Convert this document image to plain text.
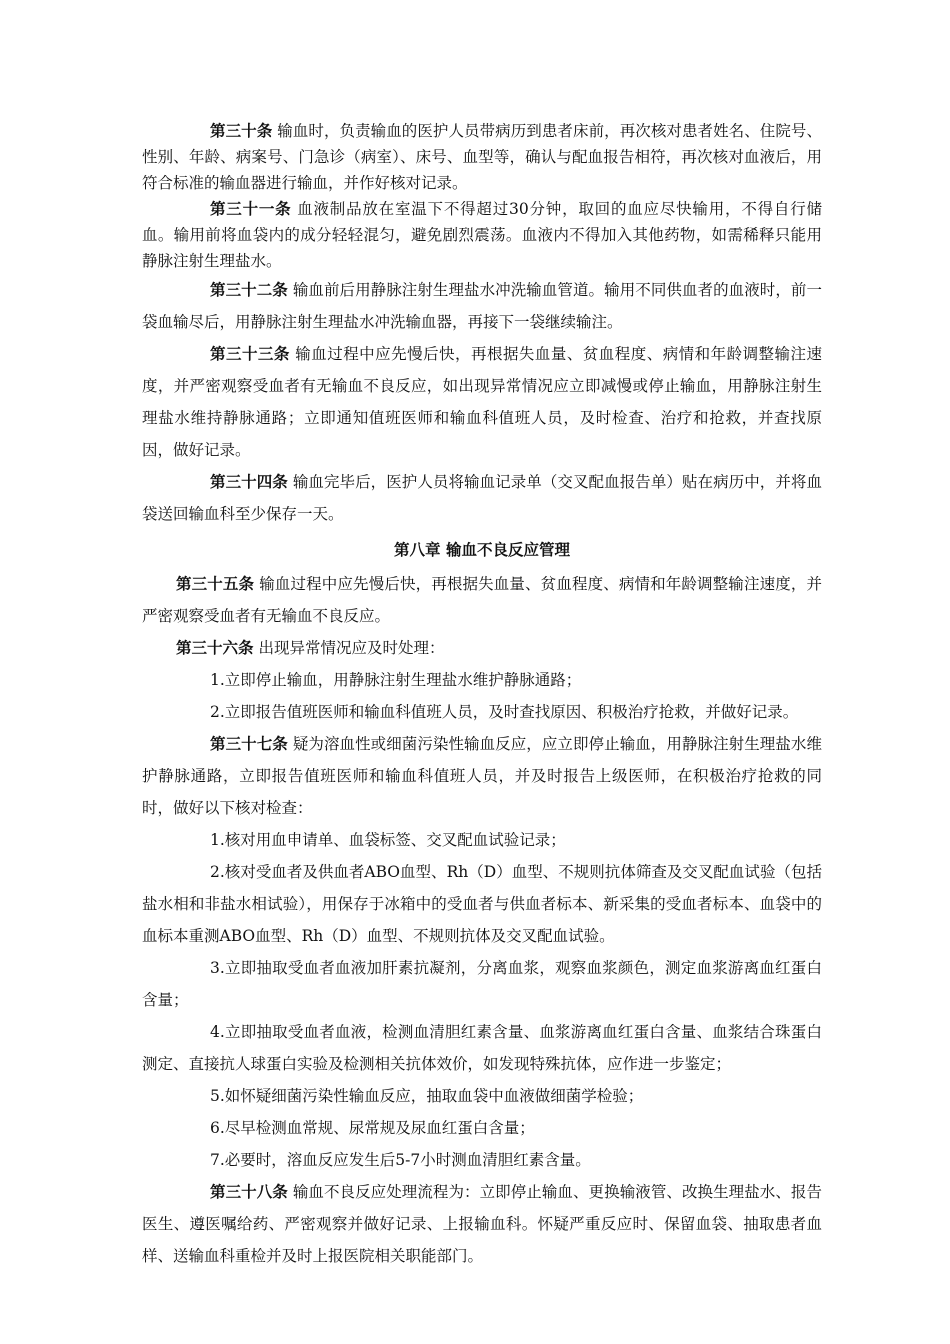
第三十条 输血时，负责输血的医护人员带病历到患者床前，再次核对患者姓名、住院号、性别、年龄、病案号、门急诊（病室）、床号、血型等，确认与配血报告相符，再次核对血液后，用符合标准的输血器进行输血，并作好核对记录。

第三十一条 血液制品放在室温下不得超过30分钟，取回的血应尽快输用，不得自行储血。输用前将血袋内的成分轻轻混匀，避免剧烈震荡。血液内不得加入其他药物，如需稀释只能用静脉注射生理盐水。

第三十二条 输血前后用静脉注射生理盐水冲洗输血管道。输用不同供血者的血液时，前一袋血输尽后，用静脉注射生理盐水冲洗输血器，再接下一袋继续输注。

第三十三条 输血过程中应先慢后快，再根据失血量、贫血程度、病情和年龄调整输注速度，并严密观察受血者有无输血不良反应，如出现异常情况应立即减慢或停止输血，用静脉注射生理盐水维持静脉通路；立即通知值班医师和输血科值班人员，及时检查、治疗和抢救，并查找原因，做好记录。

第三十四条 输血完毕后，医护人员将输血记录单（交叉配血报告单）贴在病历中，并将血袋送回输血科至少保存一天。

第八章 输血不良反应管理

第三十五条 输血过程中应先慢后快，再根据失血量、贫血程度、病情和年龄调整输注速度，并严密观察受血者有无输血不良反应。

第三十六条 出现异常情况应及时处理：

1.立即停止输血，用静脉注射生理盐水维护静脉通路；

2.立即报告值班医师和输血科值班人员，及时查找原因、积极治疗抢救，并做好记录。

第三十七条 疑为溶血性或细菌污染性输血反应，应立即停止输血，用静脉注射生理盐水维护静脉通路，立即报告值班医师和输血科值班人员，并及时报告上级医师，在积极治疗抢救的同时，做好以下核对检查：

1.核对用血申请单、血袋标签、交叉配血试验记录；

2.核对受血者及供血者ABO血型、Rh（D）血型、不规则抗体筛查及交叉配血试验（包括盐水相和非盐水相试验），用保存于冰箱中的受血者与供血者标本、新采集的受血者标本、血袋中的血标本重测ABO血型、Rh（D）血型、不规则抗体及交叉配血试验。

3.立即抽取受血者血液加肝素抗凝剂，分离血浆，观察血浆颜色，测定血浆游离血红蛋白含量；

4.立即抽取受血者血液，检测血清胆红素含量、血浆游离血红蛋白含量、血浆结合珠蛋白测定、直接抗人球蛋白实验及检测相关抗体效价，如发现特殊抗体，应作进一步鉴定；

5.如怀疑细菌污染性输血反应，抽取血袋中血液做细菌学检验；

6.尽早检测血常规、尿常规及尿血红蛋白含量；

7.必要时，溶血反应发生后5-7小时测血清胆红素含量。

第三十八条 输血不良反应处理流程为：立即停止输血、更换输液管、改换生理盐水、报告医生、遵医嘱给药、严密观察并做好记录、上报输血科。怀疑严重反应时、保留血袋、抽取患者血样、送输血科重检并及时上报医院相关职能部门。
